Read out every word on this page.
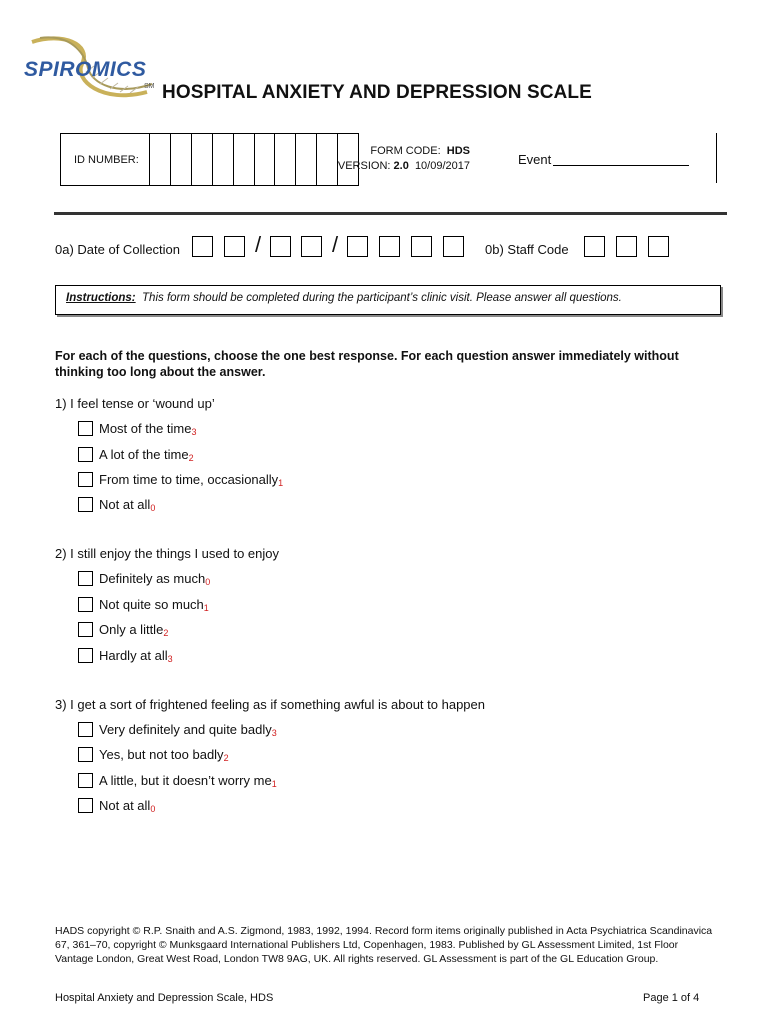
SPIROMICS
SM HOSPITAL ANXIETY AND DEPRESSION SCALE
ID NUMBER:
FORM CODE: HDS
VERSION: 2.0 10/09/2017	Event
0a) Date of Collection	/	/	0b) Staff Code
Instructions: This form should be completed during the participant’s clinic visit. Please answer all questions.
For each of the questions, choose the one best response. For each question answer immediately without thinking too long about the answer.
1) I feel tense or ‘wound up’
Most of the time 3
A lot of the time 2
From time to time, occasionally 1
Not at all 0
2) I still enjoy the things I used to enjoy
Definitely as much 0
Not quite so much 1
Only a little 2
Hardly at all 3
3) I get a sort of frightened feeling as if something awful is about to happen
Very definitely and quite badly 3
Yes, but not too badly 2
A little, but it doesn’t worry me 1
Not at all 0
HADS copyright © R.P. Snaith and A.S. Zigmond, 1983, 1992, 1994. Record form items originally published in Acta Psychiatrica Scandinavica 67, 361–70, copyright © Munksgaard International Publishers Ltd, Copenhagen, 1983. Published by GL Assessment Limited, 1st Floor Vantage London, Great West Road, London TW8 9AG, UK. All rights reserved. GL Assessment is part of the GL Education Group.
Hospital Anxiety and Depression Scale, HDS	Page 1 of 4
